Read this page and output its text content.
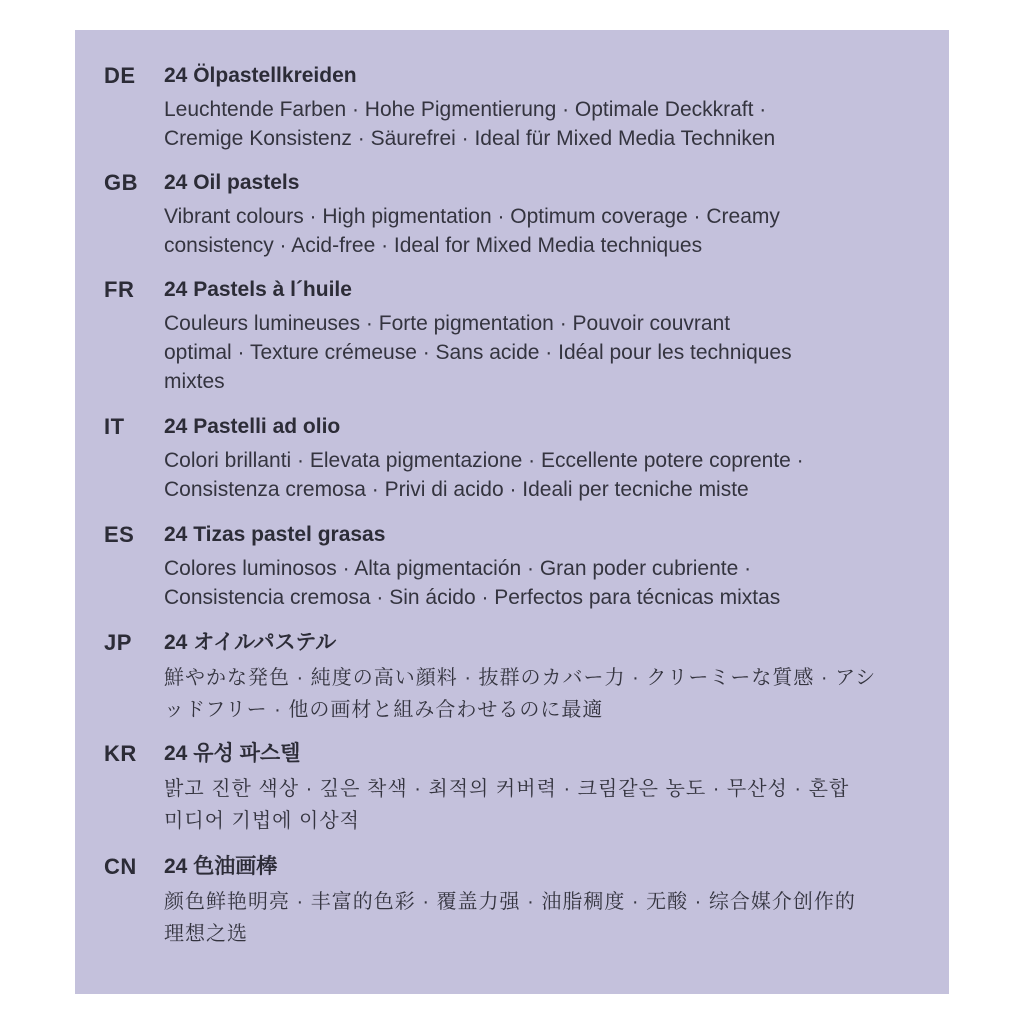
DE 24 Ölpastellkreiden
Leuchtende Farben · Hohe Pigmentierung · Optimale Deckkraft ·
Cremige Konsistenz · Säurefrei · Ideal für Mixed Media Techniken
GB 24 Oil pastels
Vibrant colours · High pigmentation · Optimum coverage · Creamy
consistency · Acid-free · Ideal for Mixed Media techniques
FR 24 Pastels à l´huile
Couleurs lumineuses · Forte pigmentation · Pouvoir couvrant
optimal · Texture crémeuse · Sans acide · Idéal pour les techniques
mixtes
IT 24 Pastelli ad olio
Colori brillanti · Elevata pigmentazione · Eccellente potere coprente ·
Consistenza cremosa · Privi di acido · Ideali per tecniche miste
ES 24 Tizas pastel grasas
Colores luminosos · Alta pigmentación · Gran poder cubriente ·
Consistencia cremosa · Sin ácido · Perfectos para técnicas mixtas
JP 24 オイルパステル
鮮やかな発色 · 純度の高い顔料 · 抜群のカバー力 · クリーミーな質感 · アシ
ッドフリー · 他の画材と組み合わせるのに最適
KR 24 유성 파스텔
밝고 진한 색상 · 깊은 착색 · 최적의 커버력 · 크림같은 농도 · 무산성 · 혼합
미디어 기법에 이상적
CN 24 色油画棒
颜色鲜艳明亮 · 丰富的色彩 · 覆盖力强 · 油脂稠度 · 无酸 · 综合媒介创作的
理想之选
